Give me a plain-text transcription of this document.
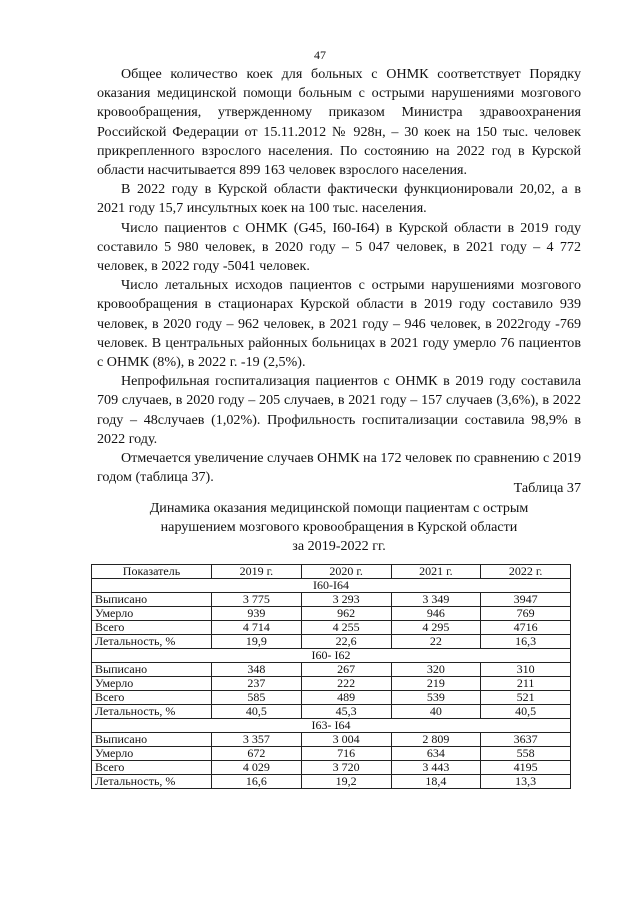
47

Общее количество коек для больных с ОНМК соответствует Порядку оказания медицинской помощи больным с острыми нарушениями мозгового кровообращения, утвержденному приказом Министра здравоохранения Российской Федерации от 15.11.2012 № 928н, – 30 коек на 150 тыс. человек прикрепленного взрослого населения. По состоянию на 2022 год в Курской области насчитывается 899 163 человек взрослого населения.

В 2022 году в Курской области фактически функционировали 20,02, а в 2021 году 15,7 инсультных коек на 100 тыс. населения.

Число пациентов с ОНМК (G45, I60-I64) в Курской области в 2019 году составило 5 980 человек, в 2020 году – 5 047 человек, в 2021 году – 4 772 человек, в 2022 году -5041 человек.

Число летальных исходов пациентов с острыми нарушениями мозгового кровообращения в стационарах Курской области в 2019 году составило 939 человек, в 2020 году – 962 человек, в 2021 году – 946 человек, в 2022году -769 человек. В центральных районных больницах в 2021 году умерло 76 пациентов с ОНМК (8%), в 2022 г. -19 (2,5%).

Непрофильная госпитализация пациентов с ОНМК в 2019 году составила 709 случаев, в 2020 году – 205 случаев, в 2021 году – 157 случаев (3,6%), в 2022 году – 48случаев (1,02%). Профильность госпитализации составила 98,9% в 2022 году.

Отмечается увеличение случаев ОНМК на 172 человек по сравнению с 2019 годом (таблица 37).

Таблица 37
Динамика оказания медицинской помощи пациентам с острым
нарушением мозгового кровообращения в Курской области
за 2019-2022 гг.
Показатель	2019 г.	2020 г.	2021 г.	2022 г.
I60-I64				
Выписано	3 775	3 293	3 349	3947
Умерло	939	962	946	769
Всего	4 714	4 255	4 295	4716
Летальность, %	19,9	22,6	22	16,3
I60- I62				
Выписано	348	267	320	310
Умерло	237	222	219	211
Всего	585	489	539	521
Летальность, %	40,5	45,3	40	40,5
I63- I64				
Выписано	3 357	3 004	2 809	3637
Умерло	672	716	634	558
Всего	4 029	3 720	3 443	4195
Летальность, %	16,6	19,2	18,4	13,3
